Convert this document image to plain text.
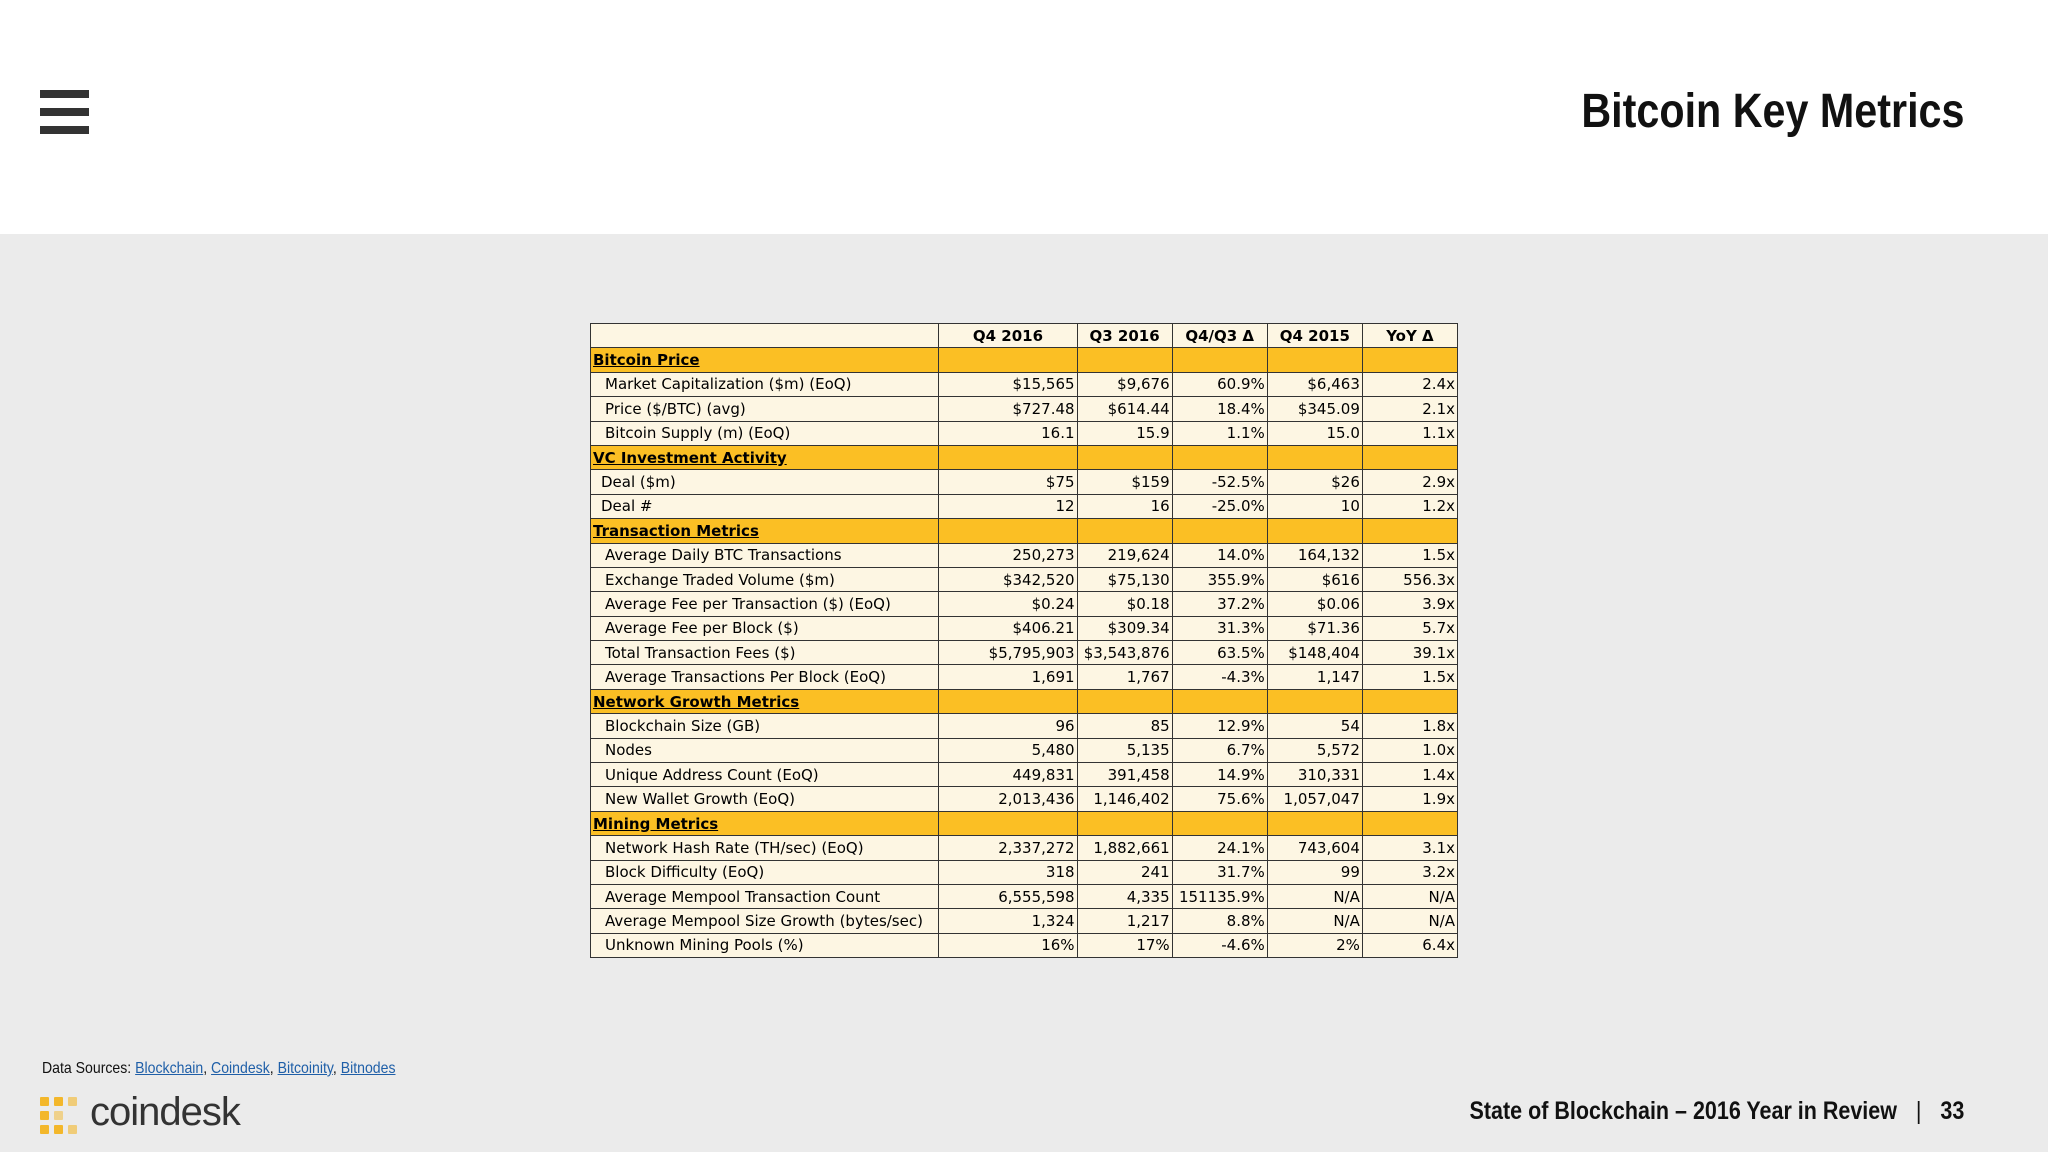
Bitcoin Key Metrics
	Q4 2016	Q3 2016	Q4/Q3 Δ	Q4 2015	YoY Δ
Bitcoin Price					
Market Capitalization ($m) (EoQ)	$15,565	$9,676	60.9%	$6,463	2.4x
Price ($/BTC) (avg)	$727.48	$614.44	18.4%	$345.09	2.1x
Bitcoin Supply (m) (EoQ)	16.1	15.9	1.1%	15.0	1.1x
VC Investment Activity					
Deal ($m)	$75	$159	-52.5%	$26	2.9x
Deal #	12	16	-25.0%	10	1.2x
Transaction Metrics					
Average Daily BTC Transactions	250,273	219,624	14.0%	164,132	1.5x
Exchange Traded Volume ($m)	$342,520	$75,130	355.9%	$616	556.3x
Average Fee per Transaction ($) (EoQ)	$0.24	$0.18	37.2%	$0.06	3.9x
Average Fee per Block ($)	$406.21	$309.34	31.3%	$71.36	5.7x
Total Transaction Fees ($)	$5,795,903	$3,543,876	63.5%	$148,404	39.1x
Average Transactions Per Block (EoQ)	1,691	1,767	-4.3%	1,147	1.5x
Network Growth Metrics					
Blockchain Size (GB)	96	85	12.9%	54	1.8x
Nodes	5,480	5,135	6.7%	5,572	1.0x
Unique Address Count (EoQ)	449,831	391,458	14.9%	310,331	1.4x
New Wallet Growth (EoQ)	2,013,436	1,146,402	75.6%	1,057,047	1.9x
Mining Metrics					
Network Hash Rate (TH/sec) (EoQ)	2,337,272	1,882,661	24.1%	743,604	3.1x
Block Difficulty (EoQ)	318	241	31.7%	99	3.2x
Average Mempool Transaction Count	6,555,598	4,335	151135.9%	N/A	N/A
Average Mempool Size Growth (bytes/sec)	1,324	1,217	8.8%	N/A	N/A
Unknown Mining Pools (%)	16%	17%	-4.6%	2%	6.4x
Data Sources: Blockchain, Coindesk, Bitcoinity, Bitnodes
coindesk	State of Blockchain – 2016 Year in Review | 33
